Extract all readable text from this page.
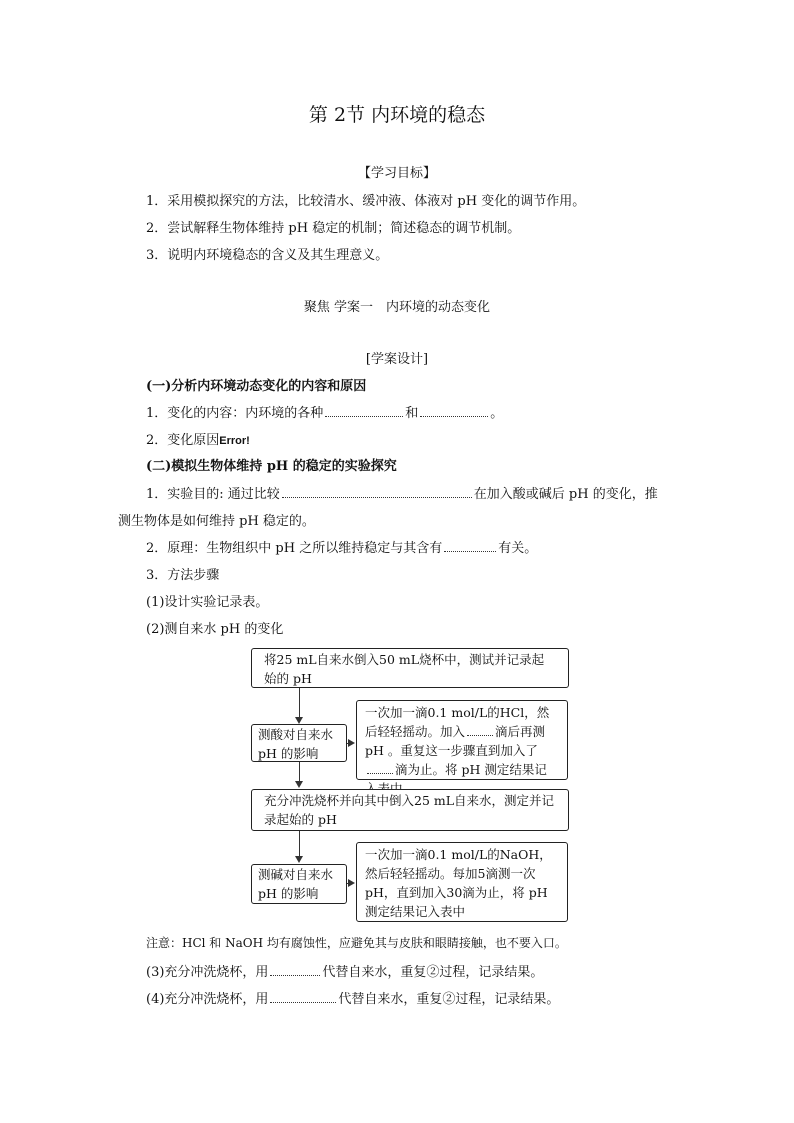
第 2节 内环境的稳态
【学习目标】
1．采用模拟探究的方法，比较清水、缓冲液、体液对 pH 变化的调节作用。
2．尝试解释生物体维持 pH 稳定的机制；简述稳态的调节机制。
3．说明内环境稳态的含义及其生理意义。
聚焦 学案一　内环境的动态变化
[学案设计]
(一)分析内环境动态变化的内容和原因
1．变化的内容：内环境的各种	和	。
2．变化原因Error!
(二)模拟生物体维持 pH 的稳定的实验探究
1．实验目的: 通过比较	在加入酸或碱后 pH 的变化，推
测生物体是如何维持 pH 稳定的。
2．原理：生物组织中 pH 之所以维持稳定与其含有	有关。
3．方法步骤
(1)设计实验记录表。
(2)测自来水 pH 的变化
将25 mL自来水倒入50 mL烧杯中，测试并记录起始的 pH
测酸对自来水 pH 的影响
一次加一滴0.1 mol/L的HCl，然后轻轻摇动。加入 滴后再测 pH 。重复这一步骤直到加入了滴为止。将 pH 测定结果记
充分冲洗烧杯并向其中倒入25 mL自来水，测定并记录起始的 pH
测碱对自来水 pH 的影响
一次加一滴0.1 mol/L的NaOH，然后轻轻摇动。每加5滴测一次 pH，直到加入30滴为止，将 pH 测定结果记入表中
注意：HCl 和 NaOH 均有腐蚀性，应避免其与皮肤和眼睛接触，也不要入口。
(3)充分冲洗烧杯，用	代替自来水，重复②过程，记录结果。
(4)充分冲洗烧杯，用	代替自来水，重复②过程，记录结果。
